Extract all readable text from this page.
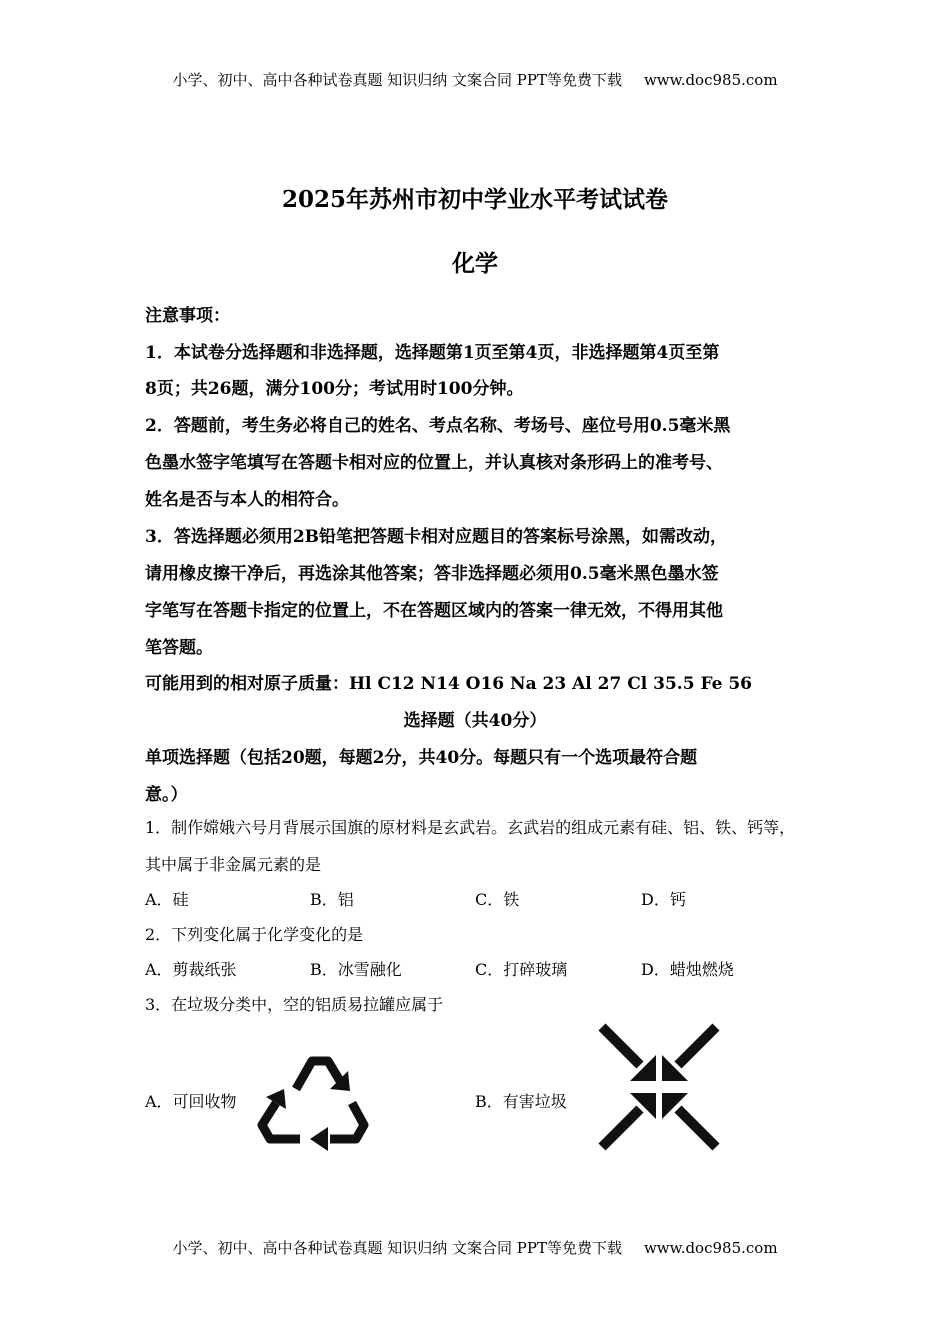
小学、初中、高中各种试卷真题 知识归纳 文案合同 PPT等免费下载 www.doc985.com
2025年苏州市初中学业水平考试试卷
化学
注意事项：
1．本试卷分选择题和非选择题，选择题第1页至第4页，非选择题第4页至第
8页；共26题，满分100分；考试用时100分钟。
2．答题前，考生务必将自己的姓名、考点名称、考场号、座位号用0.5毫米黑
色墨水签字笔填写在答题卡相对应的位置上，并认真核对条形码上的准考号、
姓名是否与本人的相符合。
3．答选择题必须用2B铅笔把答题卡相对应题目的答案标号涂黑，如需改动，
请用橡皮擦干净后，再选涂其他答案；答非选择题必须用0.5毫米黑色墨水签
字笔写在答题卡指定的位置上，不在答题区域内的答案一律无效，不得用其他
笔答题。
可能用到的相对原子质量：Hl C12 N14 O16 Na 23 Al 27 Cl 35.5 Fe 56
选择题（共40分）
单项选择题（包括20题，每题2分，共40分。每题只有一个选项最符合题
意。）
1．制作嫦娥六号月背展示国旗的原材料是玄武岩。玄武岩的组成元素有硅、铝、铁、钙等，
其中属于非金属元素的是
A．硅	B．铝	C．铁	D．钙
2．下列变化属于化学变化的是
A．剪裁纸张	B．冰雪融化	C．打碎玻璃	D．蜡烛燃烧
3．在垃圾分类中，空的铝质易拉罐应属于
A．可回收物	B．有害垃圾
小学、初中、高中各种试卷真题 知识归纳 文案合同 PPT等免费下载 www.doc985.com
